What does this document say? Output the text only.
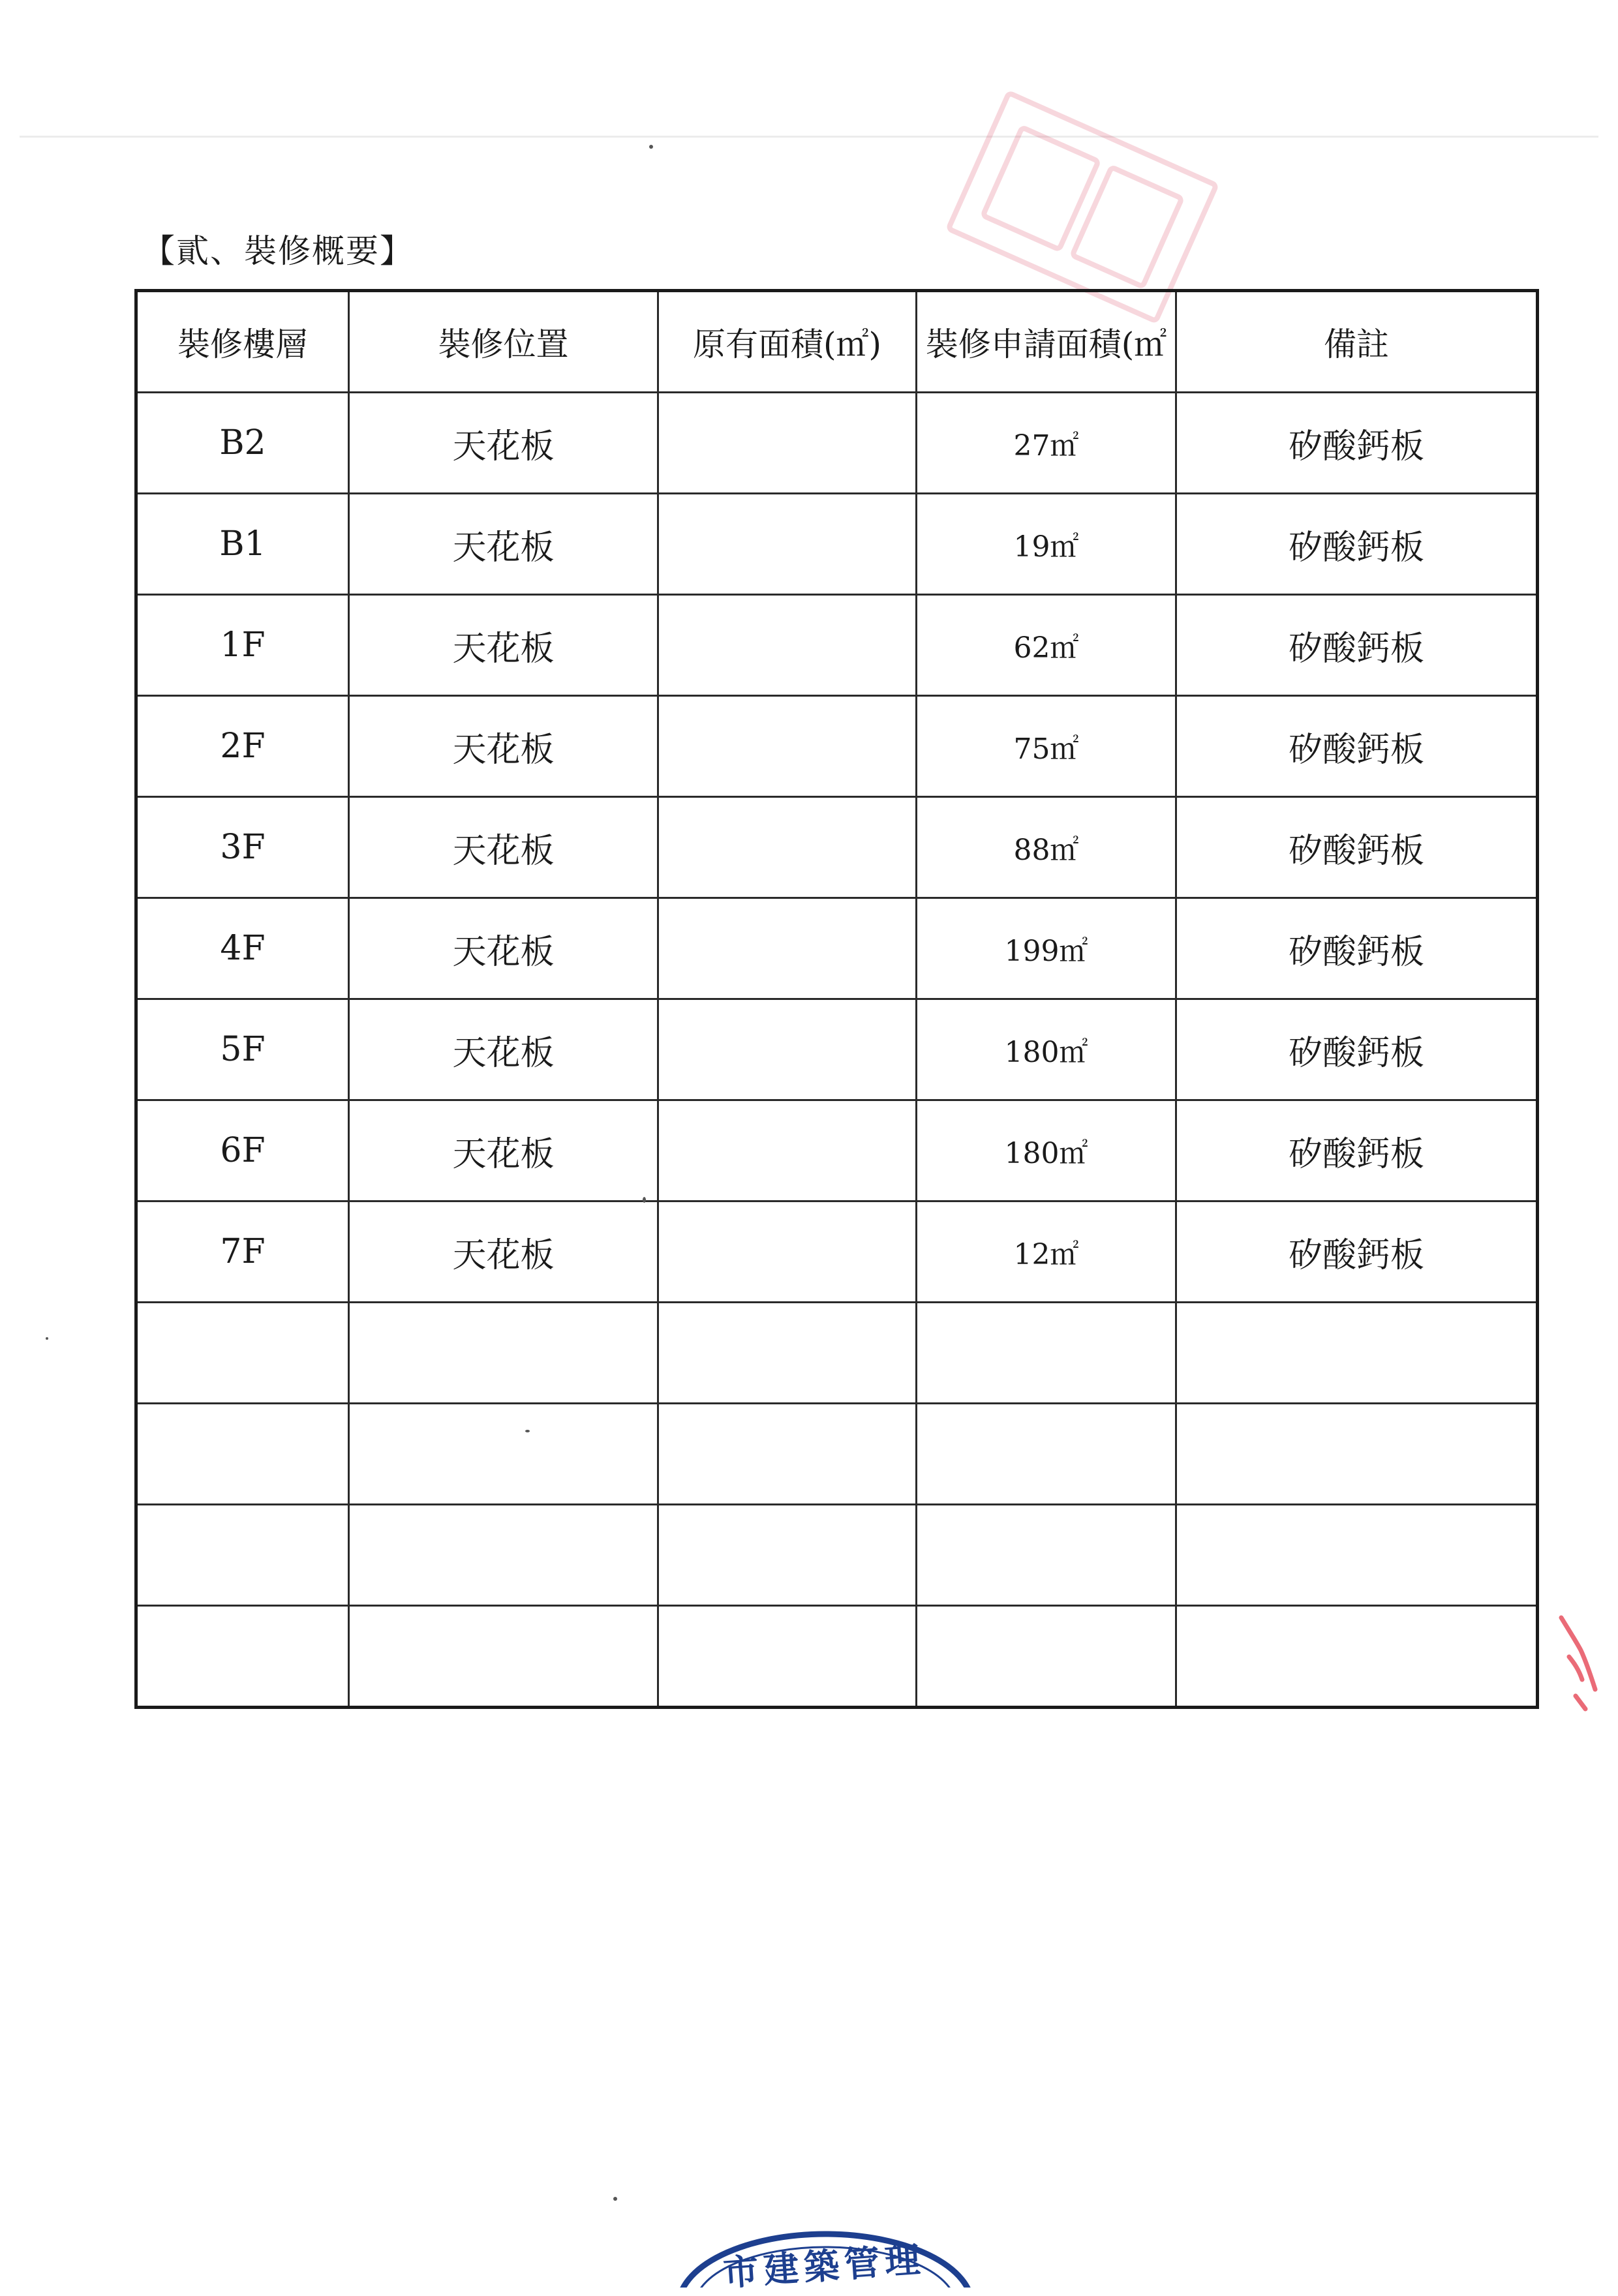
【貳、裝修概要】
裝修樓層	裝修位置	原有面積(㎡)	裝修申請面積(㎡	備註
B2	天花板		27㎡	矽酸鈣板
B1	天花板		19㎡	矽酸鈣板
1F	天花板		62㎡	矽酸鈣板
2F	天花板		75㎡	矽酸鈣板
3F	天花板		88㎡	矽酸鈣板
4F	天花板		199㎡	矽酸鈣板
5F	天花板		180㎡	矽酸鈣板
6F	天花板		180㎡	矽酸鈣板
7F	天花板		12㎡	矽酸鈣板

市建築管理
